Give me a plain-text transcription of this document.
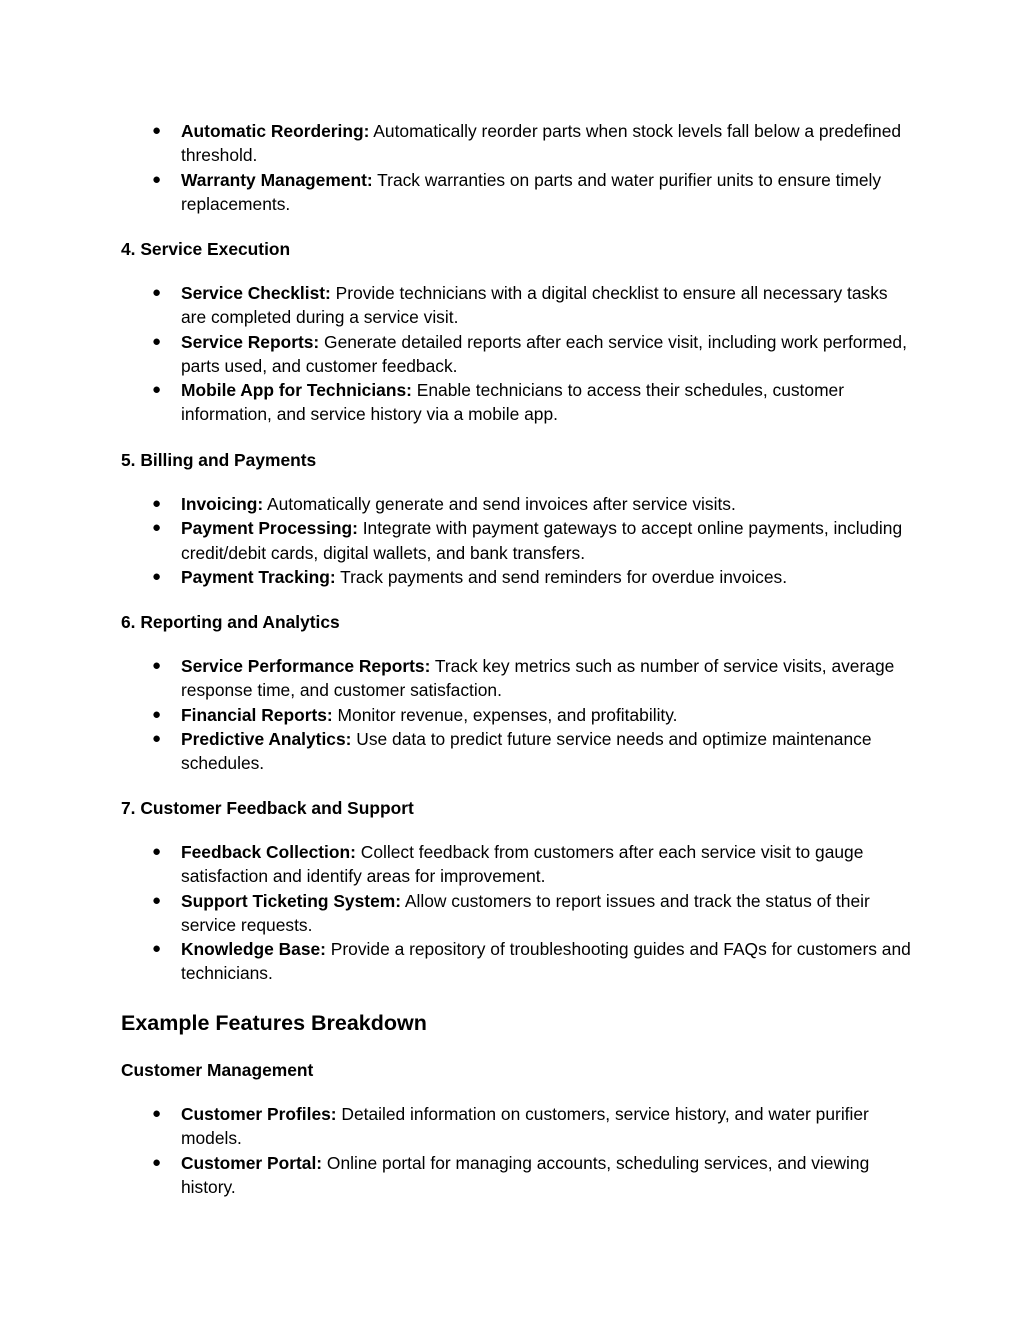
● Automatic Reordering: Automatically reorder parts when stock levels fall below a predefined threshold.
● Warranty Management: Track warranties on parts and water purifier units to ensure timely replacements.
4. Service Execution
● Service Checklist: Provide technicians with a digital checklist to ensure all necessary tasks are completed during a service visit.
● Service Reports: Generate detailed reports after each service visit, including work performed, parts used, and customer feedback.
● Mobile App for Technicians: Enable technicians to access their schedules, customer information, and service history via a mobile app.
5. Billing and Payments
● Invoicing: Automatically generate and send invoices after service visits.
● Payment Processing: Integrate with payment gateways to accept online payments, including credit/debit cards, digital wallets, and bank transfers.
● Payment Tracking: Track payments and send reminders for overdue invoices.
6. Reporting and Analytics
● Service Performance Reports: Track key metrics such as number of service visits, average response time, and customer satisfaction.
● Financial Reports: Monitor revenue, expenses, and profitability.
● Predictive Analytics: Use data to predict future service needs and optimize maintenance schedules.
7. Customer Feedback and Support
● Feedback Collection: Collect feedback from customers after each service visit to gauge satisfaction and identify areas for improvement.
● Support Ticketing System: Allow customers to report issues and track the status of their service requests.
● Knowledge Base: Provide a repository of troubleshooting guides and FAQs for customers and technicians.
Example Features Breakdown
Customer Management
● Customer Profiles: Detailed information on customers, service history, and water purifier models.
● Customer Portal: Online portal for managing accounts, scheduling services, and viewing history.
